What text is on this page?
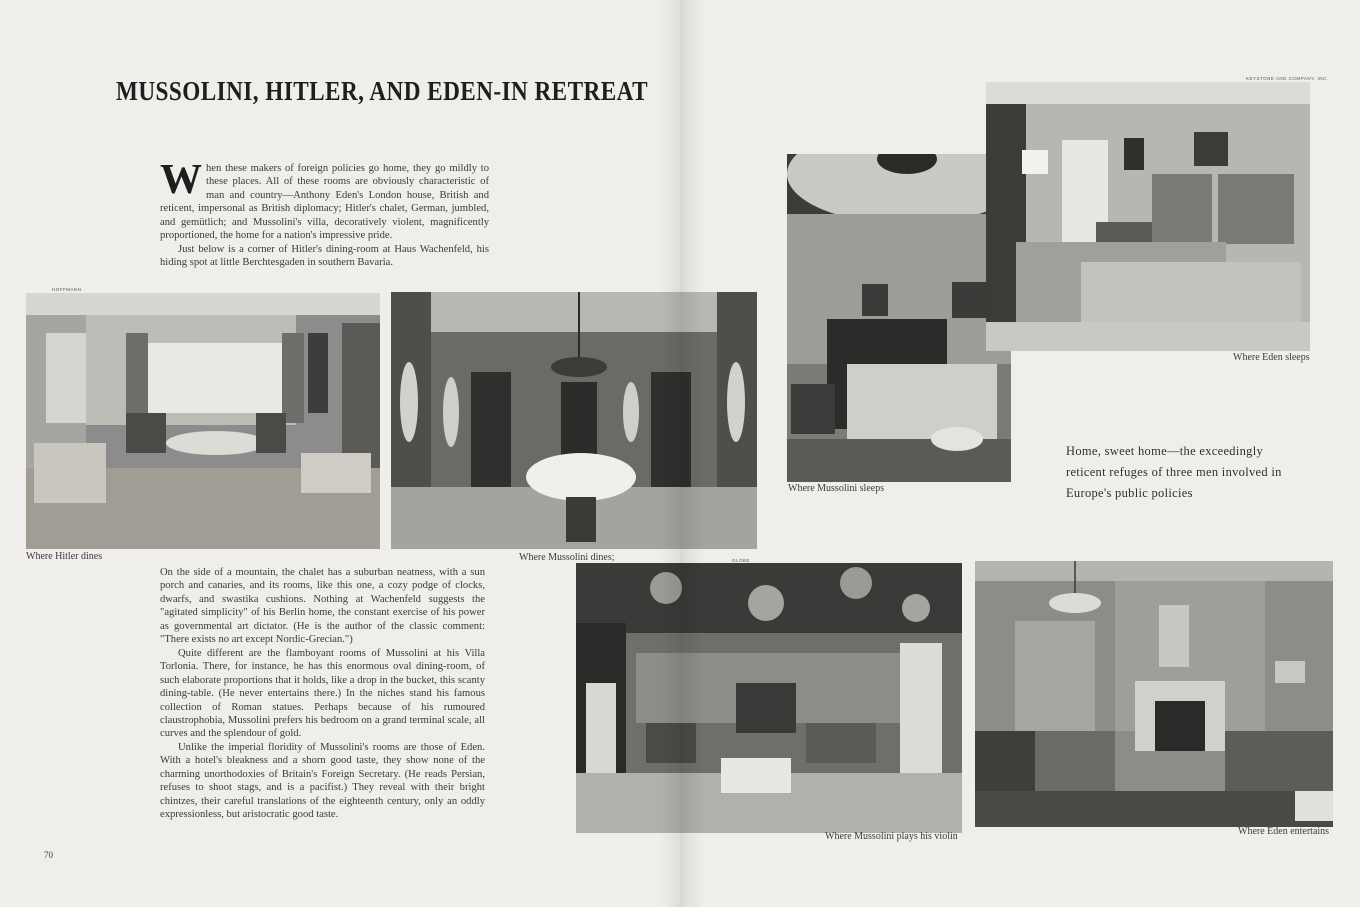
MUSSOLINI, HITLER, AND EDEN-IN RETREAT

When these makers of foreign policies go home, they go mildly to these places. All of these rooms are obviously characteristic of man and country—Anthony Eden's London house, British and reticent, impersonal as British diplomacy; Hitler's chalet, German, jumbled, and gemütlich; and Mussolini's villa, decoratively violent, magnificently proportioned, the home for a nation's impressive pride.

Just below is a corner of Hitler's dining-room at Haus Wachenfeld, his hiding spot at little Berchtesgaden in southern Bavaria.

HOFFMANN
Where Hitler dines	Where Mussolini dines;

On the side of a mountain, the chalet has a suburban neatness, with a sun porch and canaries, and its rooms, like this one, a cozy podge of clocks, dwarfs, and swastika cushions. Nothing at Wachenfeld suggests the "agitated simplicity" of his Berlin home, the constant exercise of his power as governmental art dictator. (He is the author of the classic comment: "There exists no art except Nordic-Grecian.")

Quite different are the flamboyant rooms of Mussolini at his Villa Torlonia. There, for instance, he has this enormous oval dining-room, of such elaborate proportions that it holds, like a drop in the bucket, this scanty dining-table. (He never entertains there.) In the niches stand his famous collection of Roman statues. Perhaps because of his rumoured claustrophobia, Mussolini prefers his bedroom on a grand terminal scale, all curves and the splendour of gold.

Unlike the imperial floridity of Mussolini's rooms are those of Eden. With a hotel's bleakness and a shorn good taste, they show none of the charming unorthodoxies of Britain's Foreign Secretary. (He reads Persian, refuses to shoot stags, and is a pacifist.) They reveal with their bright chintzes, their careful translations of the eighteenth century, only an oddly expressionless, but aristocratic good taste.

Where Mussolini sleeps
KEYSTONE AND COMPANY. INC.
Where Eden sleeps
Home, sweet home—the exceedingly reticent refuges of three men involved in Europe's public policies
GLOBE
Where Mussolini plays his violin	Where Eden entertains
70
